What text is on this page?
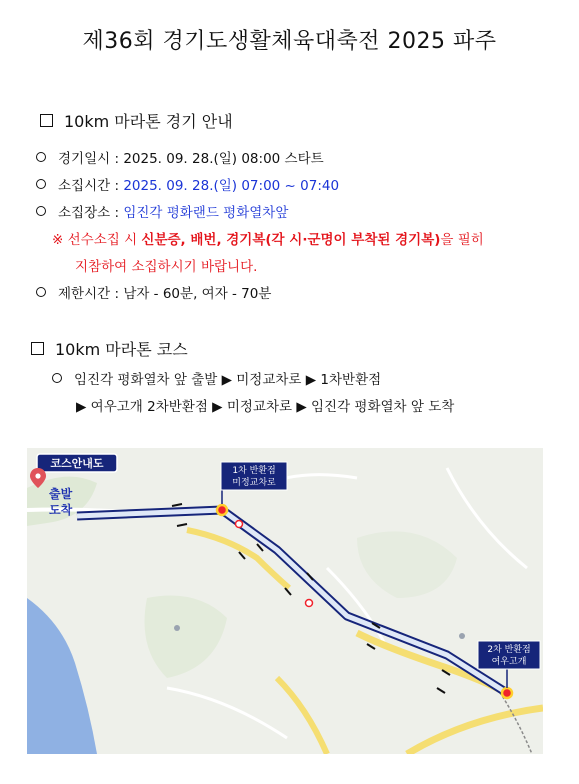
제36회 경기도생활체육대축전 2025 파주
10km 마라톤 경기 안내
경기일시 : 2025. 09. 28.(일) 08:00 스타트
소집시간 : 2025. 09. 28.(일) 07:00 ~ 07:40
소집장소 : 임진각 평화랜드 평화열차앞
※ 선수소집 시 신분증, 배번, 경기복(각 시·군명이 부착된 경기복)을 필히
지참하여 소집하시기 바랍니다.
제한시간 : 남자 - 60분, 여자 - 70분
10km 마라톤 코스
임진각 평화열차 앞 출발 ▶ 미정교차로 ▶ 1차반환점
▶ 여우고개 2차반환점 ▶ 미정교차로 ▶ 임진각 평화열차 앞 도착
1차 반환점
미정교차로
2차 반환점
여우고개
코스안내도
출발
도착
